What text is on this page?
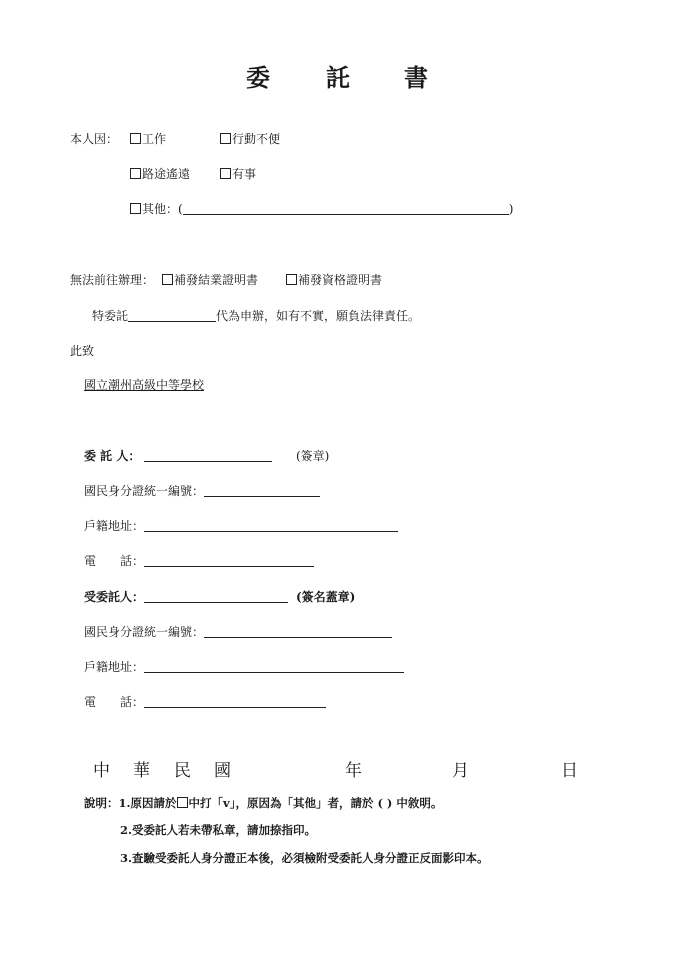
委 託 書
本人因：	工作	行動不便
路途遙遠	有事
其他：(	)
無法前往辦理：	補發結業證明書	補發資格證明書
特委託	代為申辦，如有不實，願負法律責任。
此致
國立潮州高級中等學校
委 託 人：	(簽章)
國民身分證統一編號：
戶籍地址：
電　　話：
受委託人：	(簽名蓋章)
國民身分證統一編號：
戶籍地址：
電　　話：
中 華 民 國	年	月	日
說明：1.原因請於 中打「v」，原因為「其他」者，請於 ( ) 中敘明。
2.受委託人若未帶私章，請加捺指印。
3.查驗受委託人身分證正本後，必須檢附受委託人身分證正反面影印本。
